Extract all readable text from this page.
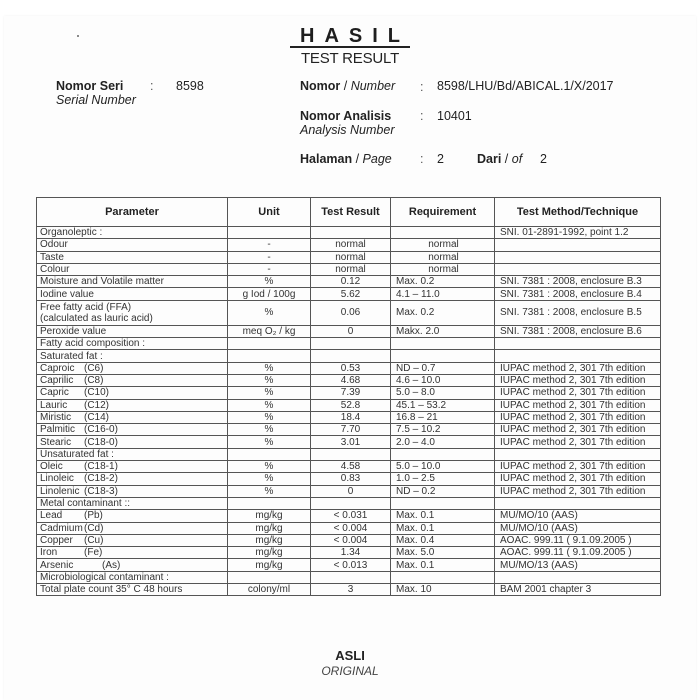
HASIL
TEST RESULT
Nomor Seri
Serial Number
: 8598	Nomor / Number : 8598/LHU/Bd/ABICAL.1/X/2017
Nomor Analisis
Analysis Number
: 10401
Halaman / Page : 2	Dari / of 2
Parameter	Unit	Test Result	Requirement	Test Method/Technique
Organoleptic :				SNI. 01-2891-1992, point 1.2
Odour	-	normal	normal	
Taste	-	normal	normal	
Colour	-	normal	normal	
Moisture and Volatile matter	%	0.12	Max. 0.2	SNI. 7381 : 2008, enclosure B.3
Iodine value	g Iod / 100g	5.62	4.1 – 11.0	SNI. 7381 : 2008, enclosure B.4
Free fatty acid (FFA)
(calculated as lauric acid)	%	0.06	Max. 0.2	SNI. 7381 : 2008, enclosure B.5
Peroxide value	meq O₂ / kg	0	Makx. 2.0	SNI. 7381 : 2008, enclosure B.6
Fatty acid composition :				
Saturated fat :				
Caproic (C6)	%	0.53	ND – 0.7	IUPAC method 2, 301 7th edition
Caprilic (C8)	%	4.68	4.6 – 10.0	IUPAC method 2, 301 7th edition
Capric (C10)	%	7.39	5.0 – 8.0	IUPAC method 2, 301 7th edition
Lauric (C12)	%	52.8	45.1 – 53.2	IUPAC method 2, 301 7th edition
Miristic (C14)	%	18.4	16.8 – 21	IUPAC method 2, 301 7th edition
Palmitic (C16-0)	%	7.70	7.5 – 10.2	IUPAC method 2, 301 7th edition
Stearic (C18-0)	%	3.01	2.0 – 4.0	IUPAC method 2, 301 7th edition
Unsaturated fat :				
Oleic (C18-1)	%	4.58	5.0 – 10.0	IUPAC method 2, 301 7th edition
Linoleic (C18-2)	%	0.83	1.0 – 2.5	IUPAC method 2, 301 7th edition
Linolenic (C18-3)	%	0	ND – 0.2	IUPAC method 2, 301 7th edition
Metal contaminant ::				
Lead (Pb)	mg/kg	< 0.031	Max. 0.1	MU/MO/10 (AAS)
Cadmium(Cd)	mg/kg	< 0.004	Max. 0.1	MU/MO/10 (AAS)
Copper (Cu)	mg/kg	< 0.004	Max. 0.4	AOAC. 999.11 ( 9.1.09.2005 )
Iron (Fe)	mg/kg	1.34	Max. 5.0	AOAC. 999.11 ( 9.1.09.2005 )
Arsenic (As)	mg/kg	< 0.013	Max. 0.1	MU/MO/13 (AAS)
Microbiological contaminant :				
Total plate count 35° C 48 hours	colony/ml	3	Max. 10	BAM 2001 chapter 3
ASLI
ORIGINAL
